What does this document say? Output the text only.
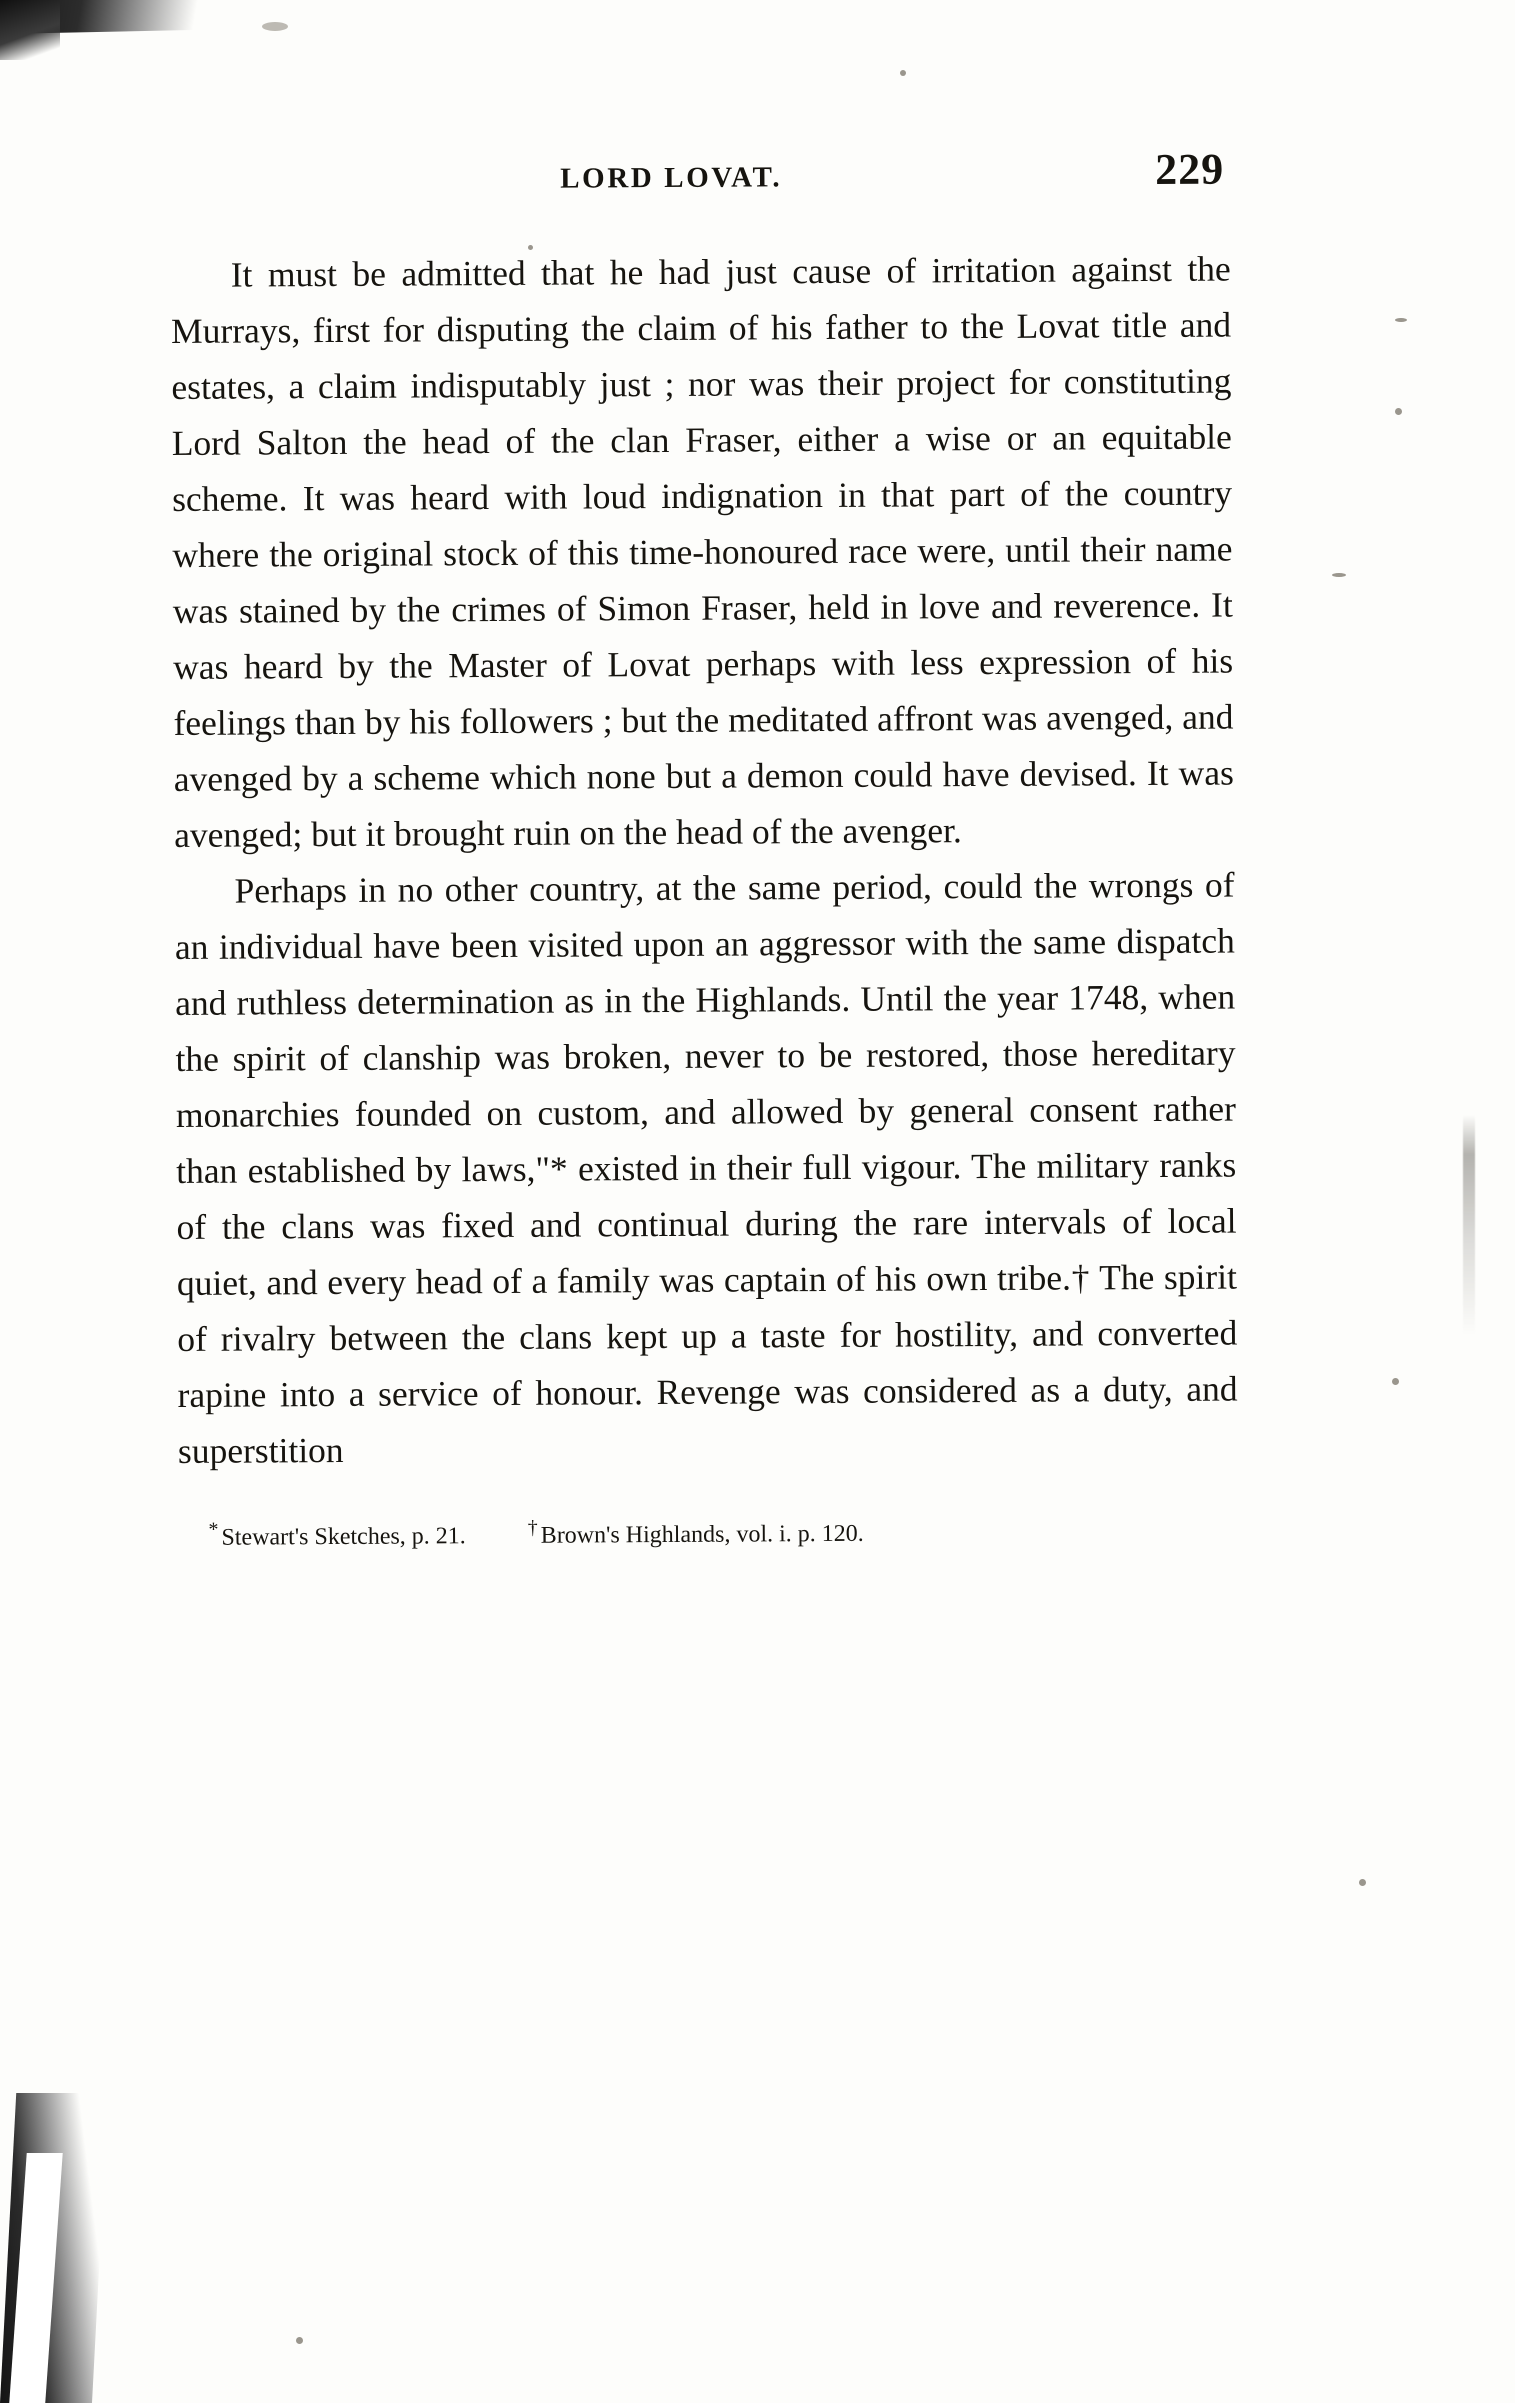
LORD LOVAT.	229

It must be admitted that he had just cause of irritation against the Murrays, first for disputing the claim of his father to the Lovat title and estates, a claim indisputably just ; nor was their project for constituting Lord Salton the head of the clan Fraser, either a wise or an equitable scheme. It was heard with loud indignation in that part of the country where the original stock of this time-honoured race were, until their name was stained by the crimes of Simon Fraser, held in love and reverence. It was heard by the Master of Lovat perhaps with less expression of his feelings than by his followers ; but the meditated affront was avenged, and avenged by a scheme which none but a demon could have devised. It was avenged; but it brought ruin on the head of the avenger.

Perhaps in no other country, at the same period, could the wrongs of an individual have been visited upon an aggressor with the same dispatch and ruthless determination as in the Highlands. Until the year 1748, when the spirit of clanship was broken, never to be restored, those hereditary monarchies founded on custom, and allowed by general consent rather than established by laws,"* existed in their full vigour. The military ranks of the clans was fixed and continual during the rare intervals of local quiet, and every head of a family was captain of his own tribe.† The spirit of rivalry between the clans kept up a taste for hostility, and converted rapine into a service of honour. Revenge was considered as a duty, and superstition

* Stewart's Sketches, p. 21.	† Brown's Highlands, vol. i. p. 120.
